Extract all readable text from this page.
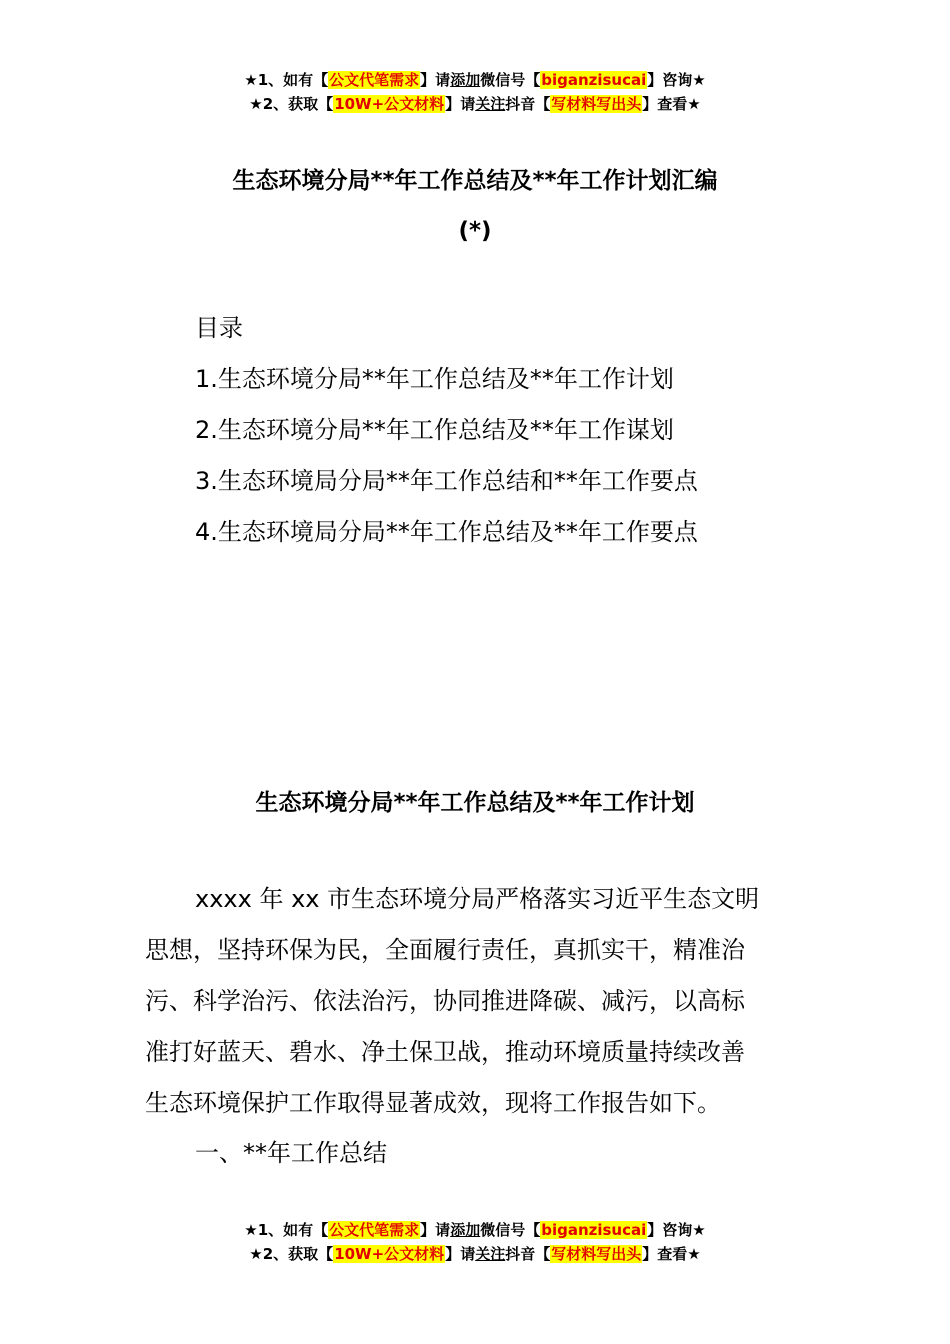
★1、如有【公文代笔需求】请添加微信号【biganzisucai】咨询★
★2、获取【10W+公文材料】请关注抖音【写材料写出头】查看★
生态环境分局**年工作总结及**年工作计划汇编
(*)
目录
1.生态环境分局**年工作总结及**年工作计划
2.生态环境分局**年工作总结及**年工作谋划
3.生态环境局分局**年工作总结和**年工作要点
4.生态环境局分局**年工作总结及**年工作要点
生态环境分局**年工作总结及**年工作计划
xxxx 年 xx 市生态环境分局严格落实习近平生态文明
思想，坚持环保为民，全面履行责任，真抓实干，精准治
污、科学治污、依法治污，协同推进降碳、减污，以高标
准打好蓝天、碧水、净土保卫战，推动环境质量持续改善
生态环境保护工作取得显著成效，现将工作报告如下。
一、**年工作总结
★1、如有【公文代笔需求】请添加微信号【biganzisucai】咨询★
★2、获取【10W+公文材料】请关注抖音【写材料写出头】查看★
